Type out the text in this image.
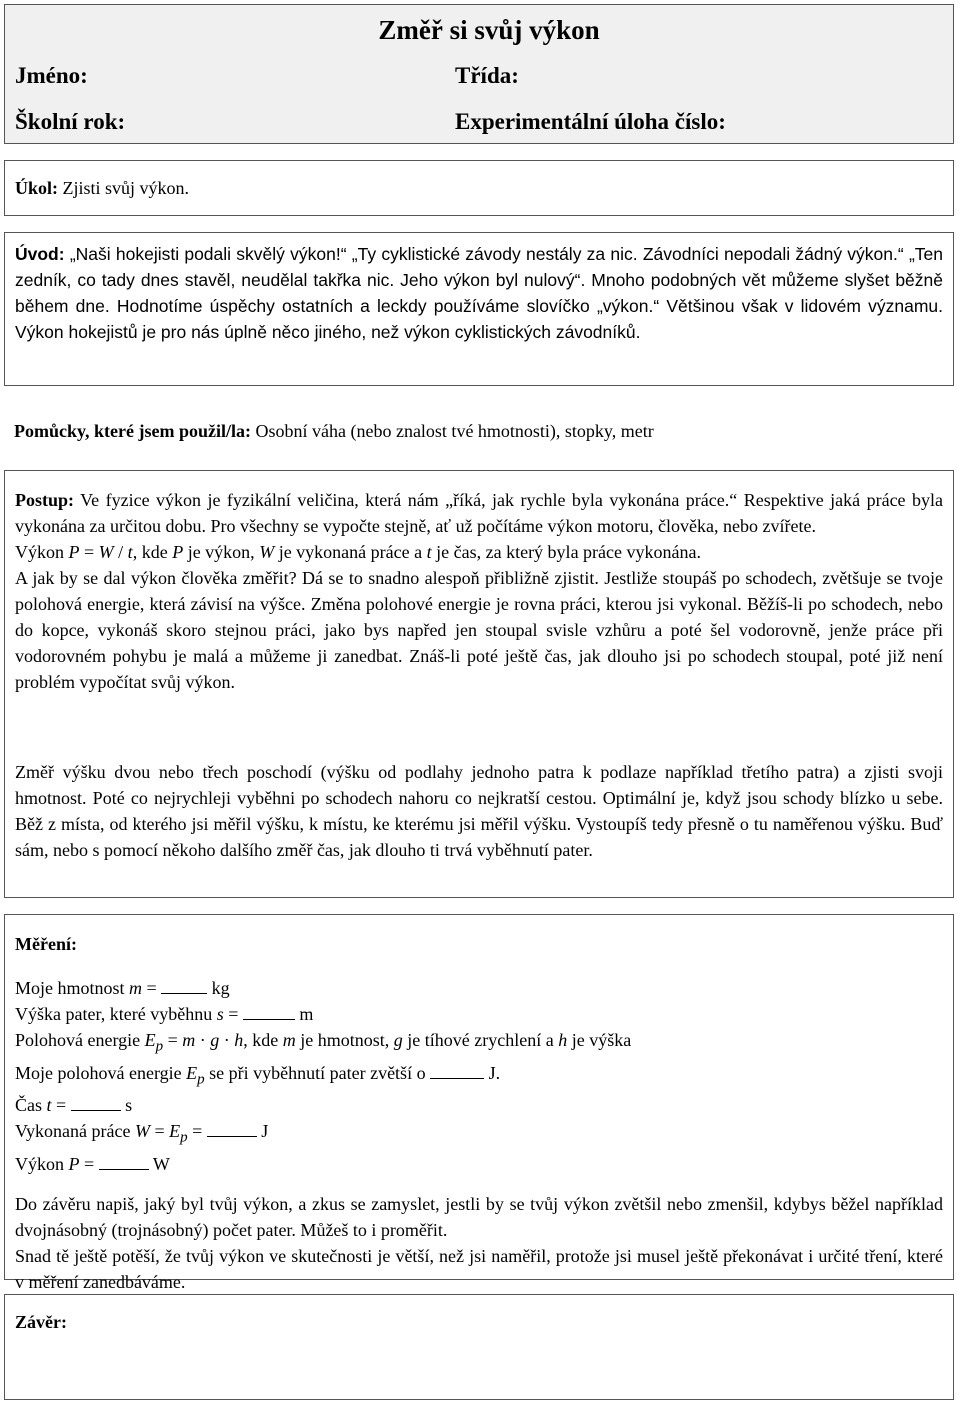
Změř si svůj výkon
Jméno:	Třída:
Školní rok:	Experimentální úloha číslo:
Úkol: Zjisti svůj výkon.
Úvod: „Naši hokejisti podali skvělý výkon!“ „Ty cyklistické závody nestály za nic. Závodníci nepodali žádný výkon.“ „Ten zedník, co tady dnes stavěl, neudělal takřka nic. Jeho výkon byl nulový“. Mnoho podobných vět můžeme slyšet běžně během dne. Hodnotíme úspěchy ostatních a leckdy používáme slovíčko „výkon.“ Většinou však v lidovém významu. Výkon hokejistů je pro nás úplně něco jiného, než výkon cyklistických závodníků.
Pomůcky, které jsem použil/la: Osobní váha (nebo znalost tvé hmotnosti), stopky, metr
Postup: Ve fyzice výkon je fyzikální veličina, která nám „říká, jak rychle byla vykonána práce.“ Respektive jaká práce byla vykonána za určitou dobu. Pro všechny se vypočte stejně, ať už počítáme výkon motoru, člověka, nebo zvířete.
Výkon P = W / t, kde P je výkon, W je vykonaná práce a t je čas, za který byla práce vykonána.
A jak by se dal výkon člověka změřit? Dá se to snadno alespoň přibližně zjistit. Jestliže stoupáš po schodech, zvětšuje se tvoje polohová energie, která závisí na výšce. Změna polohové energie je rovna práci, kterou jsi vykonal. Běžíš-li po schodech, nebo do kopce, vykonáš skoro stejnou práci, jako bys napřed jen stoupal svisle vzhůru a poté šel vodorovně, jenže práce při vodorovném pohybu je malá a můžeme ji zanedbat. Znáš-li poté ještě čas, jak dlouho jsi po schodech stoupal, poté již není problém vypočítat svůj výkon.
Změř výšku dvou nebo třech poschodí (výšku od podlahy jednoho patra k podlaze například třetího patra) a zjisti svoji hmotnost. Poté co nejrychleji vyběhni po schodech nahoru co nejkratší cestou. Optimální je, když jsou schody blízko u sebe. Běž z místa, od kterého jsi měřil výšku, k místu, ke kterému jsi měřil výšku. Vystoupíš tedy přesně o tu naměřenou výšku. Buď sám, nebo s pomocí někoho dalšího změř čas, jak dlouho ti trvá vyběhnutí pater.
Měření:
Moje hmotnost m =	kg
Výška pater, které vyběhnu s =	m
Polohová energie $E_p = m \cdot g \cdot h$, kde m je hmotnost, g je tíhové zrychlení a h je výška
Moje polohová energie $E_p$ se při vyběhnutí pater zvětší o	J.
Čas t =	s
Vykonaná práce $W = E_p$ =	J
Výkon P =	W
Do závěru napiš, jaký byl tvůj výkon, a zkus se zamyslet, jestli by se tvůj výkon zvětšil nebo zmenšil, kdybys běžel například dvojnásobný (trojnásobný) počet pater. Můžeš to i proměřit.
Snad tě ještě potěší, že tvůj výkon ve skutečnosti je větší, než jsi naměřil, protože jsi musel ještě překonávat i určité tření, které v měření zanedbáváme.
Závěr:
